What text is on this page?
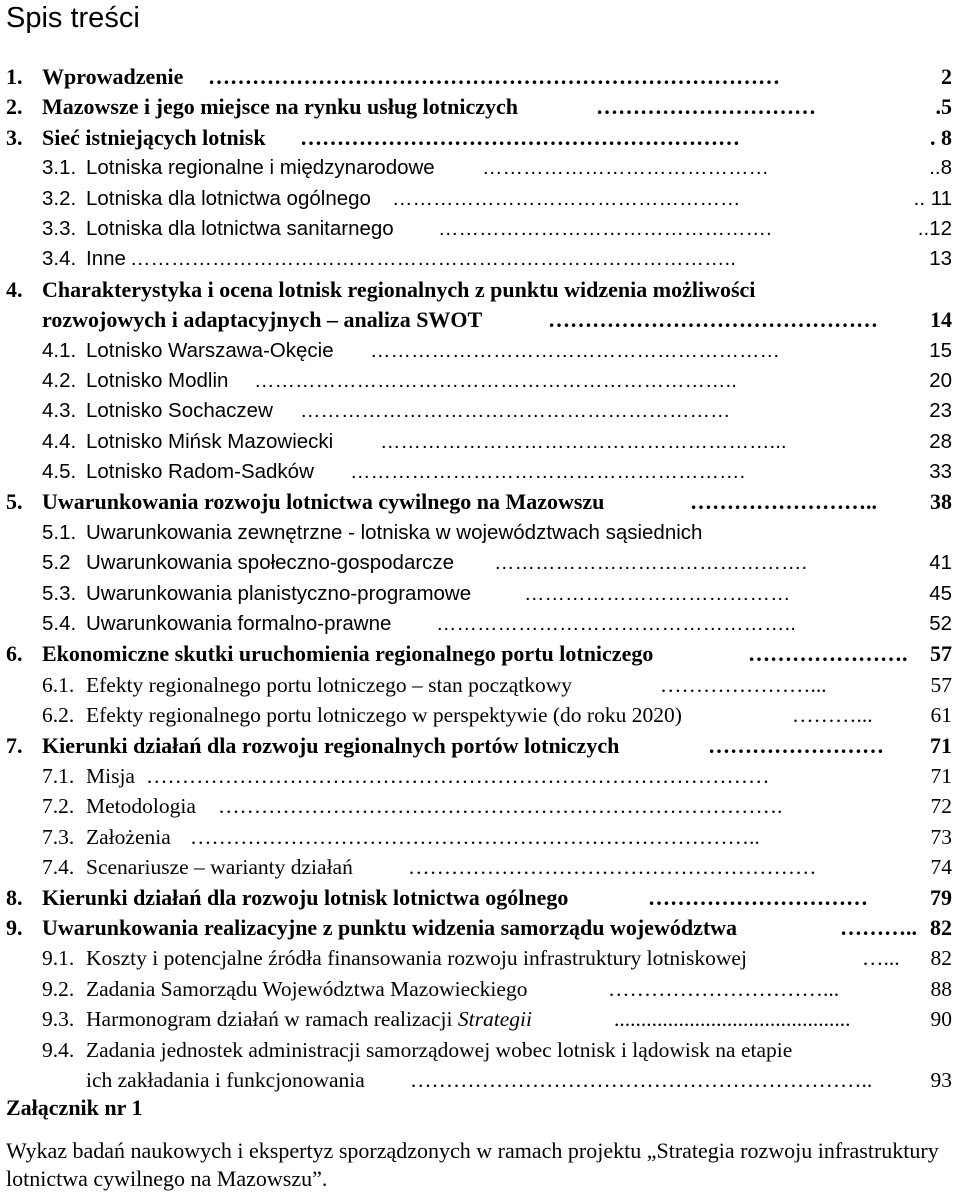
Spis treści
1. Wprowadzenie ……………………………………………………………………	2
2. Mazowsze i jego miejsce na rynku usług lotniczych	…………………………	.5
3. Sieć istniejących lotnisk ……………………………………………………	. 8
3.1. Lotniska regionalne i międzynarodowe ……………………………………	..8
3.2. Lotniska dla lotnictwa ogólnego ……………………………………………	.. 11
3.3. Lotniska dla lotnictwa sanitarnego ………………………………………….	..12
3.4. Inne ……………………………………………………………………………..	13
4. Charakterystyka i ocena lotnisk regionalnych z punktu widzenia możliwości
rozwojowych i adaptacyjnych – analiza SWOT	………………………………………	14
4.1. Lotnisko Warszawa-Okęcie ……………………………………………………	15
4.2. Lotnisko Modlin ……………………………………………………………..	20
4.3. Lotnisko Sochaczew ………………………………………………………	23
4.4. Lotnisko Mińsk Mazowiecki …………………………………………………...	28
4.5. Lotnisko Radom-Sadków ………………………………………………….	33
5. Uwarunkowania rozwoju lotnictwa cywilnego na Mazowszu	……………………..	38
5.1. Uwarunkowania zewnętrzne - lotniska w województwach sąsiednich
5.2 Uwarunkowania społeczno-gospodarcze ……………………………………….	41
5.3. Uwarunkowania planistyczno-programowe	…………………………………	45
5.4. Uwarunkowania formalno-prawne ……………………………………………..	52
6. Ekonomiczne skutki uruchomienia regionalnego portu lotniczego	………………….	57
6.1. Efekty regionalnego portu lotniczego – stan początkowy	…………………...	57
6.2. Efekty regionalnego portu lotniczego w perspektywie (do roku 2020)	………...	61
7. Kierunki działań dla rozwoju regionalnych portów lotniczych	……………………	71
7.1. Misja ……………………………………………………………………………	71
7.2. Metodologia …………………………………………………………………….	72
7.3. Założenia ……………………………………………………………………..	73
7.4. Scenariusze – warianty działań	…………………………………………………	74
8. Kierunki działań dla rozwoju lotnisk lotnictwa ogólnego	…………………………	79
9. Uwarunkowania realizacyjne z punktu widzenia samorządu województwa	……….. 82
9.1. Koszty i potencjalne źródła finansowania rozwoju infrastruktury lotniskowej	…...	82
9.2. Zadania Samorządu Województwa Mazowieckiego	…………………………...	88
9.3. Harmonogram działań w ramach realizacji Strategii	............................................	90
9.4. Zadania jednostek administracji samorządowej wobec lotnisk i lądowisk na etapie
ich zakładania i funkcjonowania ………………………………………………………..	93
Załącznik nr 1

Wykaz badań naukowych i ekspertyz sporządzonych w ramach projektu „Strategia rozwoju infrastruktury lotnictwa cywilnego na Mazowszu”.
